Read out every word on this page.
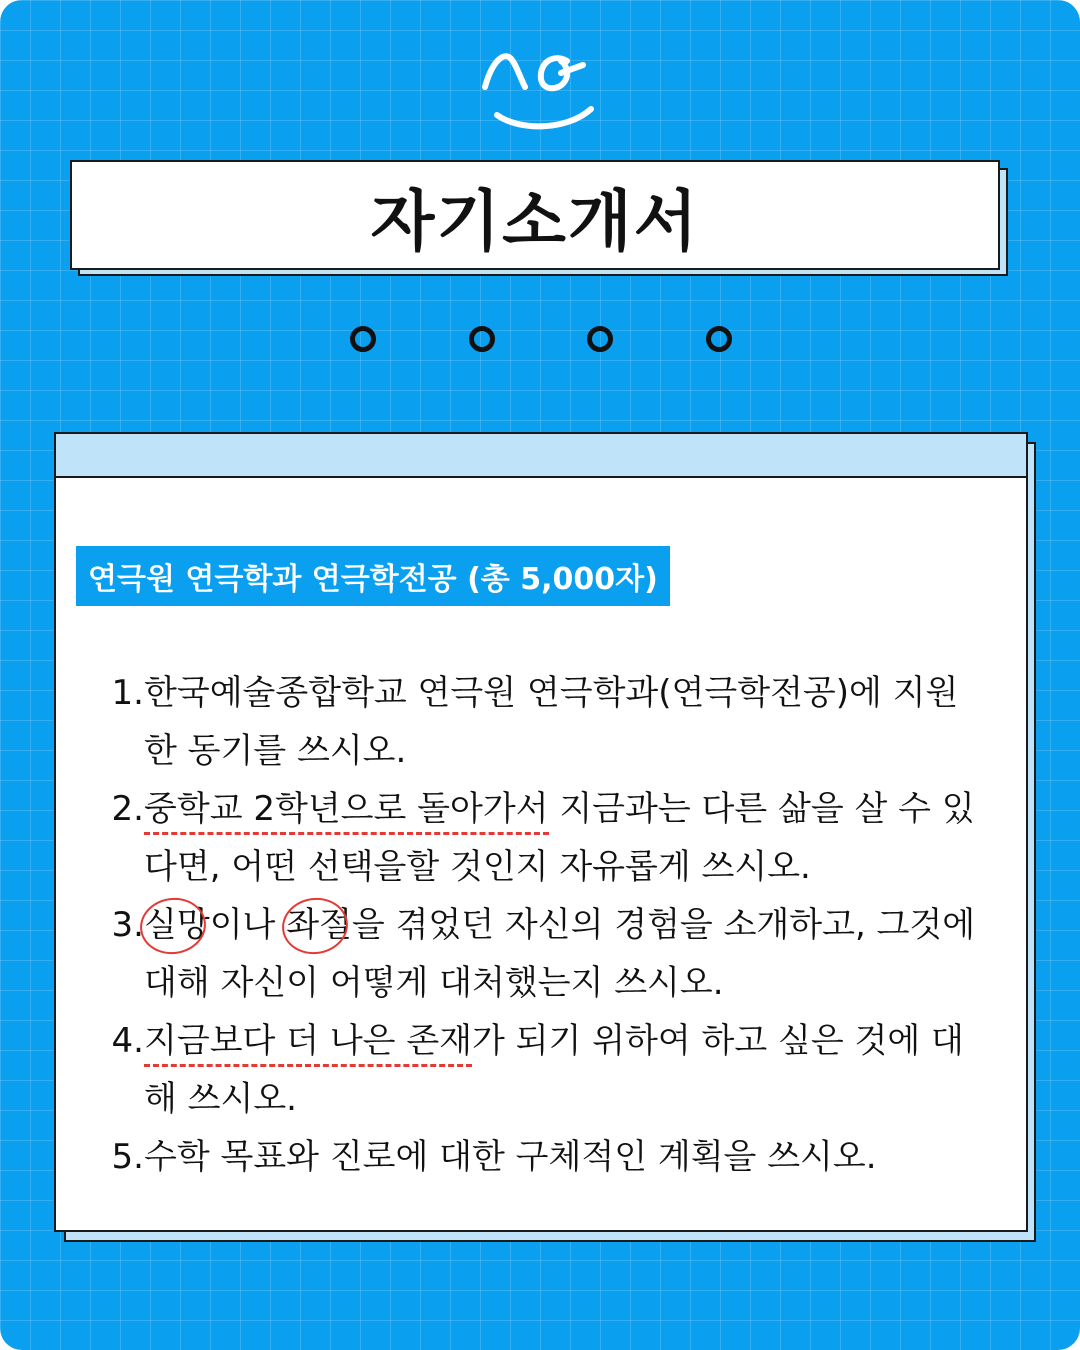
자기소개서
연극원 연극학과 연극학전공 (총 5,000자)
1. 한국예술종합학교 연극원 연극학과(연극학전공)에 지원
한 동기를 쓰시오.
2. 중학교 2학년으로 돌아가서 지금과는 다른 삶을 살 수 있
다면, 어떤 선택을할 것인지 자유롭게 쓰시오.
3. 실망이나 좌절을 겪었던 자신의 경험을 소개하고, 그것에
대해 자신이 어떻게 대처했는지 쓰시오.
4. 지금보다 더 나은 존재가 되기 위하여 하고 싶은 것에 대
해 쓰시오.
5. 수학 목표와 진로에 대한 구체적인 계획을 쓰시오.
